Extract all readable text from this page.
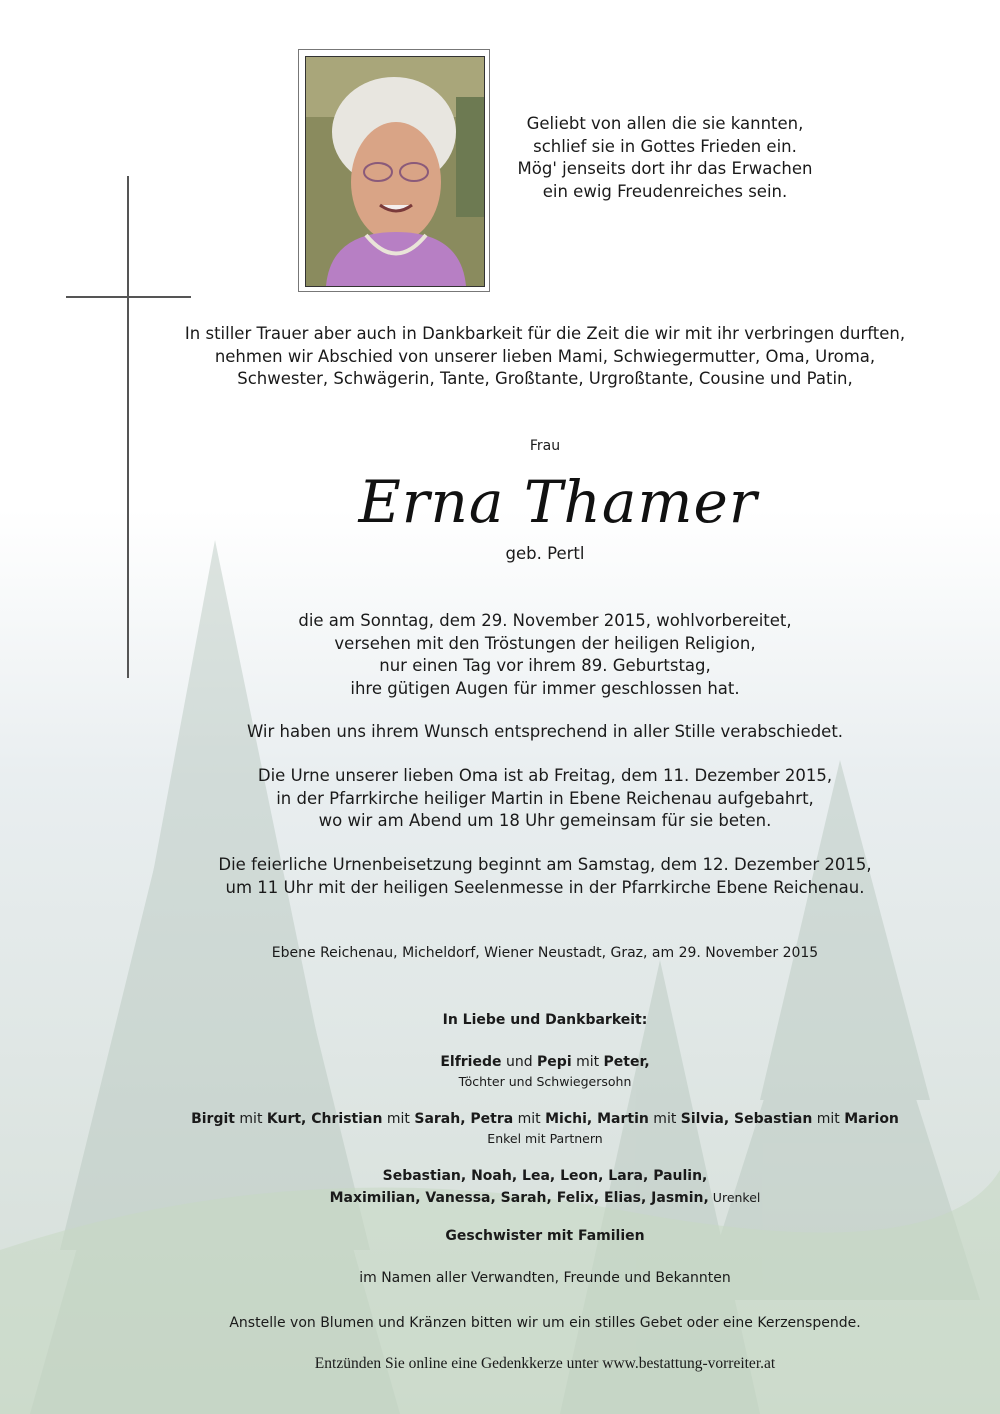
Geliebt von allen die sie kannten,
schlief sie in Gottes Frieden ein.
Mög' jenseits dort ihr das Erwachen
ein ewig Freudenreiches sein.
In stiller Trauer aber auch in Dankbarkeit für die Zeit die wir mit ihr verbringen durften,
nehmen wir Abschied von unserer lieben Mami, Schwiegermutter, Oma, Uroma,
Schwester, Schwägerin, Tante, Großtante, Urgroßtante, Cousine und Patin,
Frau
Erna Thamer
geb. Pertl
die am Sonntag, dem 29. November 2015, wohlvorbereitet,
versehen mit den Tröstungen der heiligen Religion,
nur einen Tag vor ihrem 89. Geburtstag,
ihre gütigen Augen für immer geschlossen hat.
Wir haben uns ihrem Wunsch entsprechend in aller Stille verabschiedet.
Die Urne unserer lieben Oma ist ab Freitag, dem 11. Dezember 2015,
in der Pfarrkirche heiliger Martin in Ebene Reichenau aufgebahrt,
wo wir am Abend um 18 Uhr gemeinsam für sie beten.
Die feierliche Urnenbeisetzung beginnt am Samstag, dem 12. Dezember 2015,
um 11 Uhr mit der heiligen Seelenmesse in der Pfarrkirche Ebene Reichenau.
Ebene Reichenau, Micheldorf, Wiener Neustadt, Graz, am 29. November 2015
In Liebe und Dankbarkeit:
Elfriede und Pepi mit Peter,
Töchter und Schwiegersohn
Birgit mit Kurt, Christian mit Sarah, Petra mit Michi, Martin mit Silvia, Sebastian mit Marion
Enkel mit Partnern
Sebastian, Noah, Lea, Leon, Lara, Paulin,
Maximilian, Vanessa, Sarah, Felix, Elias, Jasmin, Urenkel
Geschwister mit Familien
im Namen aller Verwandten, Freunde und Bekannten
Anstelle von Blumen und Kränzen bitten wir um ein stilles Gebet oder eine Kerzenspende.
Entzünden Sie online eine Gedenkkerze unter www.bestattung-vorreiter.at
